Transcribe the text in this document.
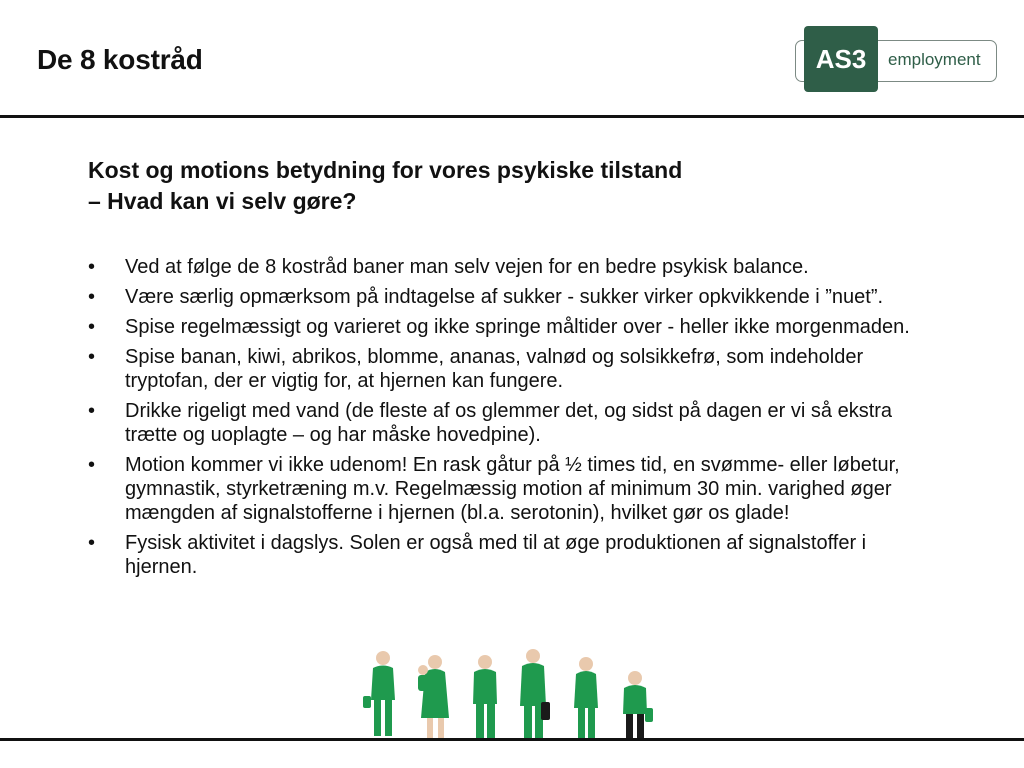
De 8 kostråd	AS3	employment
Kost og motions betydning for vores psykiske tilstand
– Hvad kan vi selv gøre?
• Ved at følge de 8 kostråd baner man selv vejen for en bedre psykisk balance.
• Være særlig opmærksom på indtagelse af sukker - sukker virker opkvikkende i ”nuet”.
• Spise regelmæssigt og varieret og ikke springe måltider over - heller ikke morgenmaden.
• Spise banan, kiwi, abrikos, blomme, ananas, valnød og solsikkefrø, som indeholder tryptofan, der er vigtig for, at hjernen kan fungere.
• Drikke rigeligt med vand (de fleste af os glemmer det, og sidst på dagen er vi så ekstra trætte og uoplagte – og har måske hovedpine).
• Motion kommer vi ikke udenom! En rask gåtur på ½ times tid, en svømme- eller løbetur, gymnastik, styrketræning m.v. Regelmæssig motion af minimum 30 min. varighed øger mængden af signalstofferne i hjernen (bl.a. serotonin), hvilket gør os glade!
• Fysisk aktivitet i dagslys. Solen er også med til at øge produktionen af signalstoffer i hjernen.
